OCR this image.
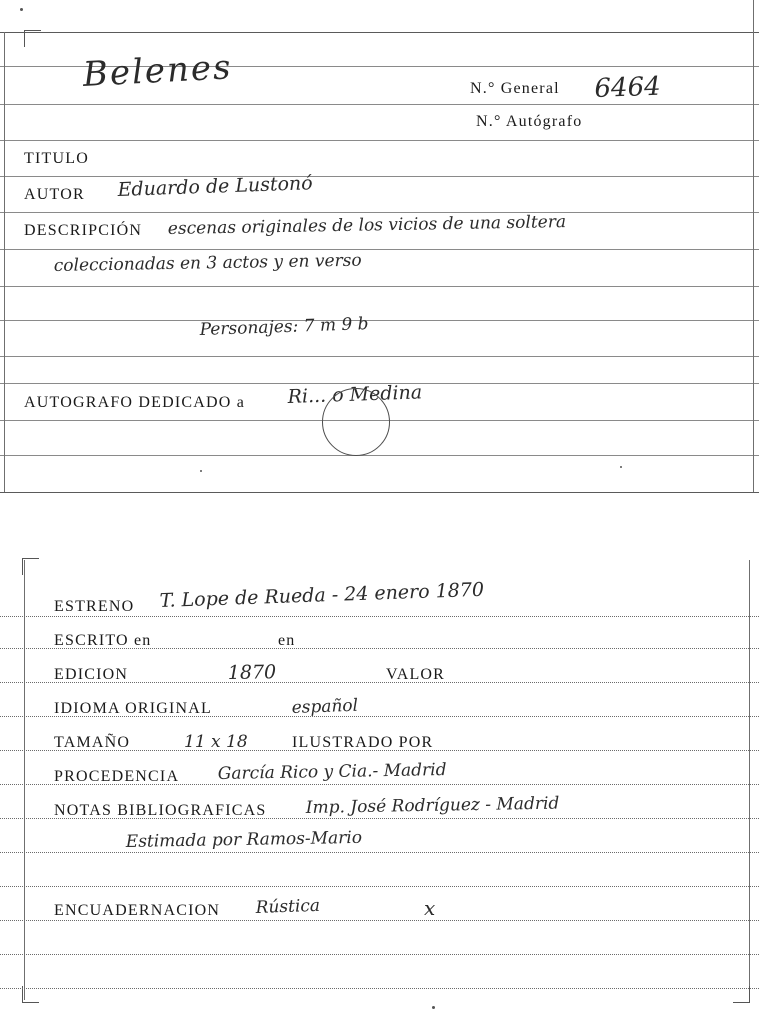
Belenes	N.° General 6464
N.° Autógrafo
TITULO
AUTOR Eduardo de Lustonó
DESCRIPCIÓN escenas originales de los vicios de una soltera
coleccionadas en 3 actos y en verso
Personajes: 7 m 9 b
AUTOGRAFO DEDICADO a Ri... o Medina
ESTRENO T. Lope de Rueda - 24 enero 1870
ESCRITO en	en
EDICION	1870	VALOR
IDIOMA ORIGINAL	español
TAMAÑO	11 x 18	ILUSTRADO POR
PROCEDENCIA García Rico y Cia.- Madrid
NOTAS BIBLIOGRAFICAS Imp. José Rodríguez - Madrid
Estimada por Ramos-Mario
ENCUADERNACION Rústica	x
